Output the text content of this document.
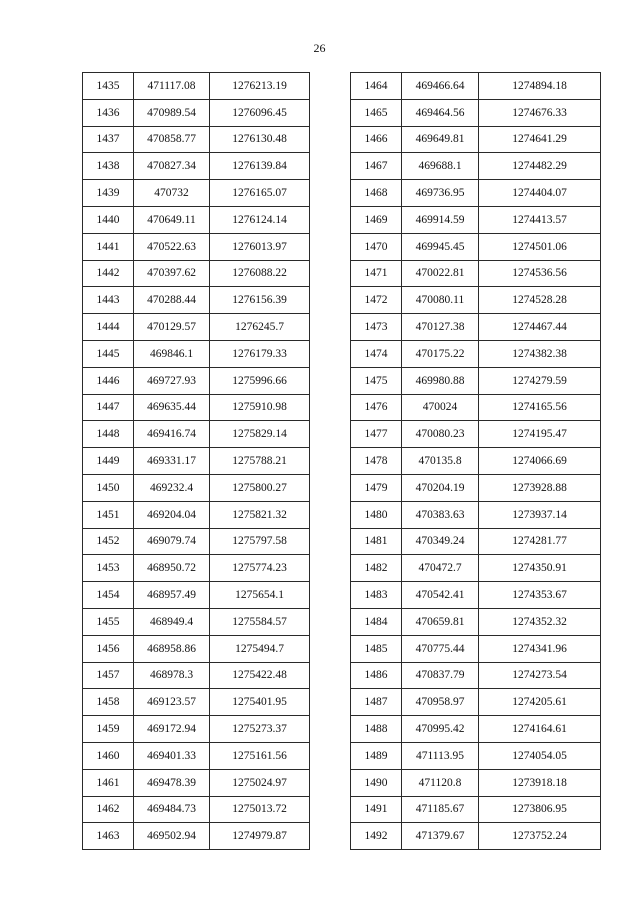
26
1435	471117.08	1276213.19
1436	470989.54	1276096.45
1437	470858.77	1276130.48
1438	470827.34	1276139.84
1439	470732	1276165.07
1440	470649.11	1276124.14
1441	470522.63	1276013.97
1442	470397.62	1276088.22
1443	470288.44	1276156.39
1444	470129.57	1276245.7
1445	469846.1	1276179.33
1446	469727.93	1275996.66
1447	469635.44	1275910.98
1448	469416.74	1275829.14
1449	469331.17	1275788.21
1450	469232.4	1275800.27
1451	469204.04	1275821.32
1452	469079.74	1275797.58
1453	468950.72	1275774.23
1454	468957.49	1275654.1
1455	468949.4	1275584.57
1456	468958.86	1275494.7
1457	468978.3	1275422.48
1458	469123.57	1275401.95
1459	469172.94	1275273.37
1460	469401.33	1275161.56
1461	469478.39	1275024.97
1462	469484.73	1275013.72
1463	469502.94	1274979.87
1464	469466.64	1274894.18
1465	469464.56	1274676.33
1466	469649.81	1274641.29
1467	469688.1	1274482.29
1468	469736.95	1274404.07
1469	469914.59	1274413.57
1470	469945.45	1274501.06
1471	470022.81	1274536.56
1472	470080.11	1274528.28
1473	470127.38	1274467.44
1474	470175.22	1274382.38
1475	469980.88	1274279.59
1476	470024	1274165.56
1477	470080.23	1274195.47
1478	470135.8	1274066.69
1479	470204.19	1273928.88
1480	470383.63	1273937.14
1481	470349.24	1274281.77
1482	470472.7	1274350.91
1483	470542.41	1274353.67
1484	470659.81	1274352.32
1485	470775.44	1274341.96
1486	470837.79	1274273.54
1487	470958.97	1274205.61
1488	470995.42	1274164.61
1489	471113.95	1274054.05
1490	471120.8	1273918.18
1491	471185.67	1273806.95
1492	471379.67	1273752.24
